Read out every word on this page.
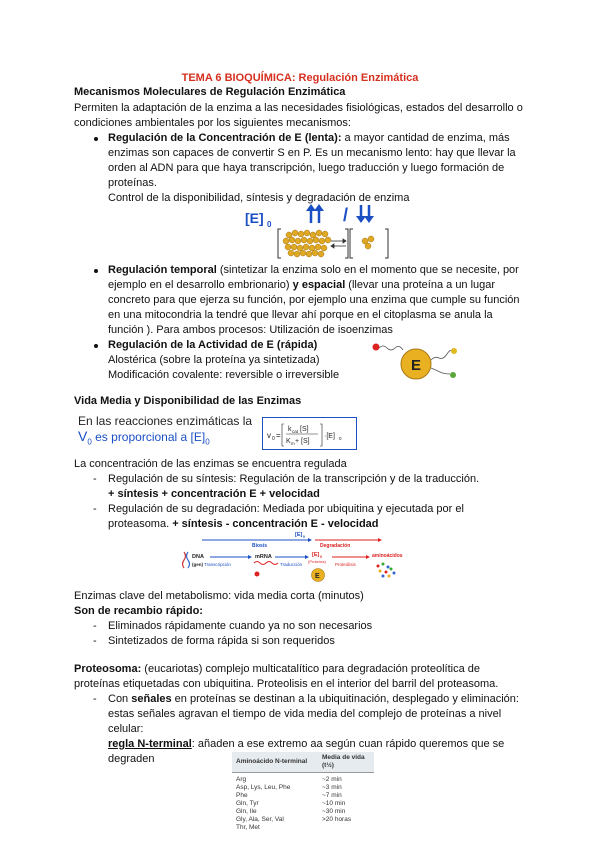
TEMA 6 BIOQUÍMICA: Regulación Enzimática
Mecanismos Moleculares de Regulación Enzimática
Permiten la adaptación de la enzima a las necesidades fisiológicas, estados del desarrollo o
condiciones ambientales por los siguientes mecanismos:
Regulación de la Concentración de E (lenta): a mayor cantidad de enzima, más
enzimas son capaces de convertir S en P. Es un mecanismo lento: hay que llevar la
orden al ADN para que haya transcripción, luego traducción y luego formación de
proteínas.
Control de la disponibilidad, síntesis y degradación de enzima
[E] 0	/
Regulación temporal (sintetizar la enzima solo en el momento que se necesite, por
ejemplo en el desarrollo embrionario) y espacial (llevar una proteína a un lugar
concreto para que ejerza su función, por ejemplo una enzima que cumple su función
en una mitocondria la tendré que llevar ahí porque en el citoplasma se anula la
función ). Para ambos procesos: Utilización de isoenzimas
Regulación de la Actividad de E (rápida)
Alostérica (sobre la proteína ya sintetizada)
Modificación covalente: reversible o irreversible
E
Vida Media y Disponibilidad de las Enzimas
En las reacciones enzimáticas la
$V_0$ es proporcional a $[E]_0$
v 0 =
k cat [S]
K m + [S]
·[E] 0
La concentración de las enzimas se encuentra regulada
- Regulación de su síntesis: Regulación de la transcripción y de la traducción.
+ síntesis + concentración E + velocidad
- Regulación de su degradación: Mediada por ubiquitina y ejecutada por el
proteasoma. + síntesis - concentración E - velocidad
[E] 0
Biosís	Degradación
DNA
(gen) Transcripción
mRNA
Traducción
[E] 0
(Proteína)
E
Proteólisis
aminoácidos
Enzimas clave del metabolismo: vida media corta (minutos)
Son de recambio rápido:
- Eliminados rápidamente cuando ya no son necesarios
- Sintetizados de forma rápida si son requeridos
Proteosoma: (eucariotas) complejo multicatalítico para degradación proteolítica de
proteínas etiquetadas con ubiquitina. Proteolisis en el interior del barril del proteasoma.
- Con señales en proteínas se destinan a la ubiquitinación, desplegado y eliminación:
estas señales agravan el tiempo de vida media del complejo de proteínas a nivel
celular:
regla N-terminal: añaden a ese extremo aa según cuan rápido queremos que se
degraden	Aminoácido N-terminal	Media de vida (t½)
Arg	~2 min
Asp, Lys, Leu, Phe	~3 min
Phe	~7 min
Gln, Tyr	~10 min
Gln, Ile	~30 min
Gly, Ala, Ser, Val	>20 horas
Thr, Met	
